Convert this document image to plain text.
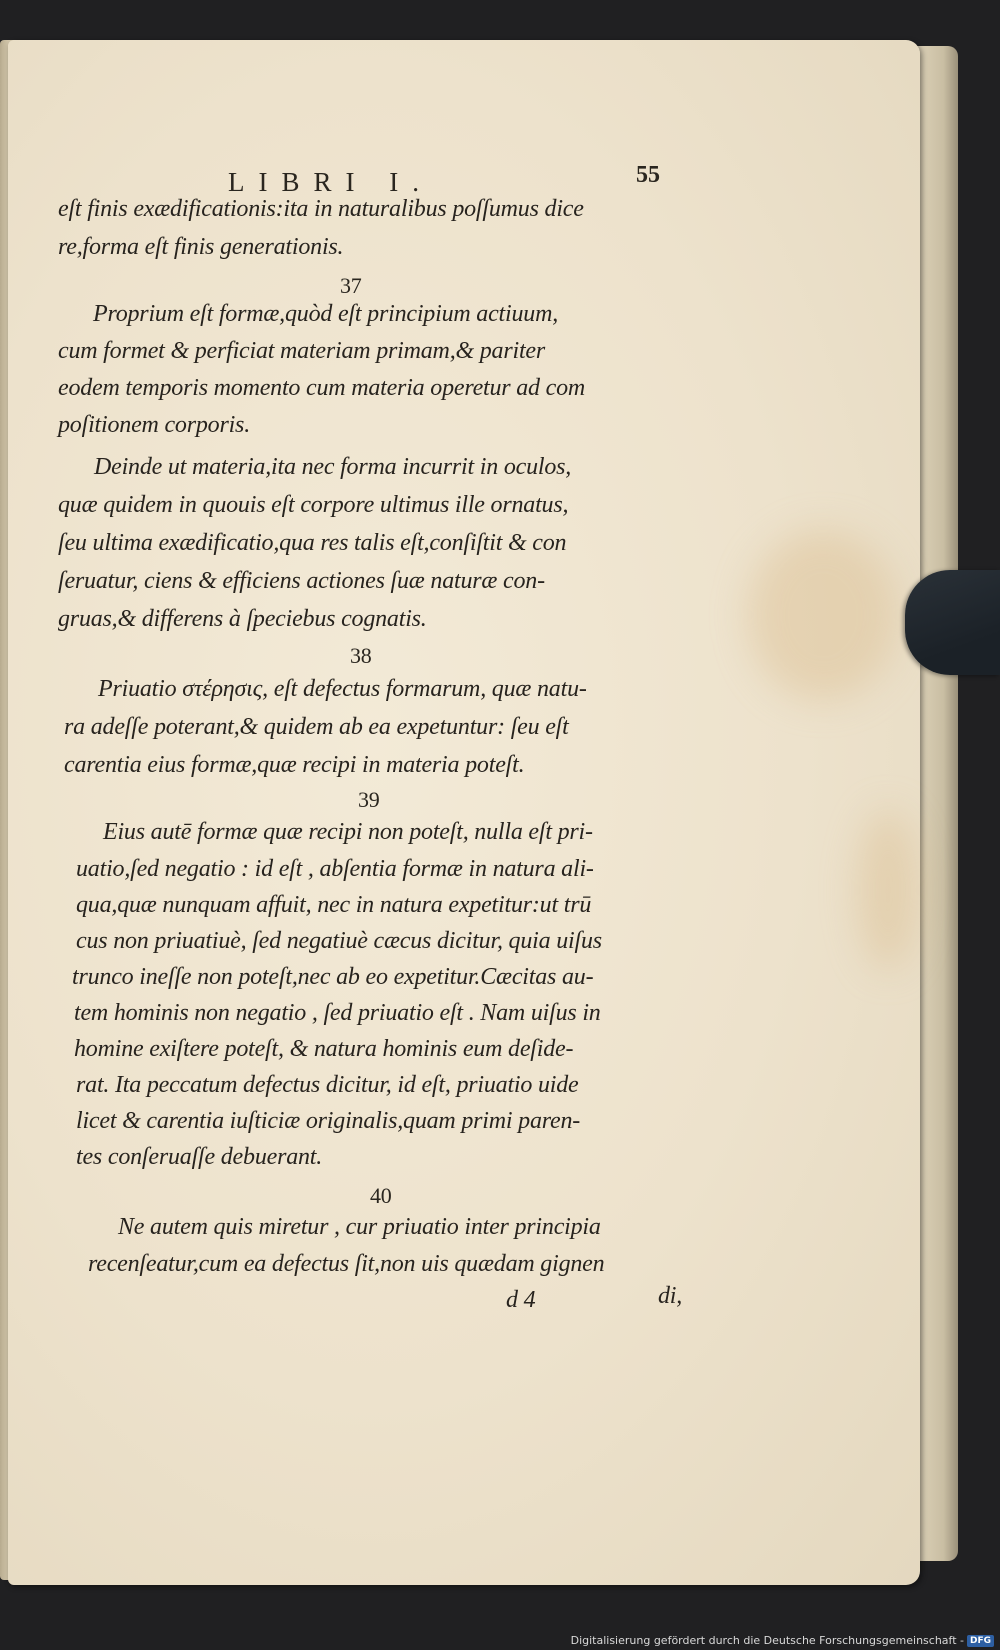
LIBRI I.	55
eſt finis exædificationis:ita in naturalibus poſſumus dice
re,forma eſt finis generationis.
37
Proprium eſt formæ,quòd eſt principium actiuum,
cum formet & perficiat materiam primam,& pariter
eodem temporis momento cum materia operetur ad com
poſitionem corporis.
Deinde ut materia,ita nec forma incurrit in oculos,
quæ quidem in quouis eſt corpore ultimus ille ornatus,
ſeu ultima exædificatio,qua res talis eſt,conſiſtit & con
ſeruatur, ciens & efficiens actiones ſuæ naturæ con-
gruas,& differens à ſpeciebus cognatis.
38
Priuatio στέρησις, eſt defectus formarum, quæ natu-
ra adeſſe poterant,& quidem ab ea expetuntur: ſeu eſt
carentia eius formæ,quæ recipi in materia poteſt.
39
Eius autē formæ quæ recipi non poteſt, nulla eſt pri-
uatio,ſed negatio : id eſt , abſentia formæ in natura ali-
qua,quæ nunquam affuit, nec in natura expetitur:ut trū
cus non priuatiuè, ſed negatiuè cæcus dicitur, quia uiſus
trunco ineſſe non poteſt,nec ab eo expetitur.Cæcitas au-
tem hominis non negatio , ſed priuatio eſt . Nam uiſus in
homine exiſtere poteſt, & natura hominis eum deſide-
rat. Ita peccatum defectus dicitur, id eſt, priuatio uide
licet & carentia iuſticiæ originalis,quam primi paren-
tes conſeruaſſe debuerant.
40
Ne autem quis miretur , cur priuatio inter principia
recenſeatur,cum ea defectus ſit,non uis quædam gignen
d 4	di,
Digitalisierung gefördert durch die Deutsche Forschungsgemeinschaft - DFG
